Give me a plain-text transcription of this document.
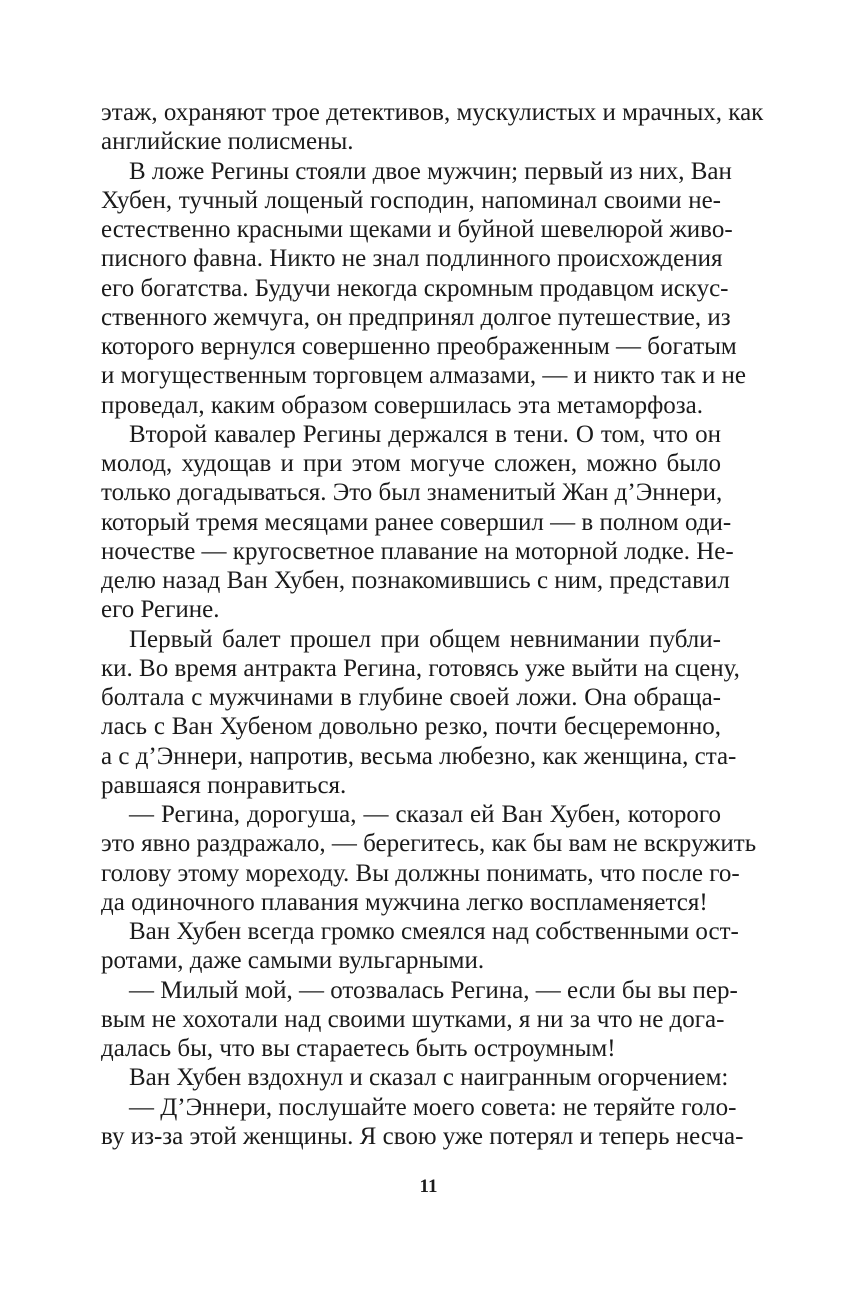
этаж, охраняют трое детективов, мускулистых и мрачных, как
английские полисмены.
В ложе Регины стояли двое мужчин; первый из них, Ван
Хубен, тучный лощеный господин, напоминал своими не-
естественно красными щеками и буйной шевелюрой живо-
писного фавна. Никто не знал подлинного происхождения
его богатства. Будучи некогда скромным продавцом искус-
ственного жемчуга, он предпринял долгое путешествие, из
которого вернулся совершенно преображенным — богатым
и могущественным торговцем алмазами, — и никто так и не
проведал, каким образом совершилась эта метаморфоза.
Второй кавалер Регины держался в тени. О том, что он
молод, худощав и при этом могуче сложен, можно было
только догадываться. Это был знаменитый Жан д’Эннери,
который тремя месяцами ранее совершил — в полном оди-
ночестве — кругосветное плавание на моторной лодке. Не-
делю назад Ван Хубен, познакомившись с ним, представил
его Регине.
Первый балет прошел при общем невнимании публи-
ки. Во время антракта Регина, готовясь уже выйти на сцену,
болтала с мужчинами в глубине своей ложи. Она обраща-
лась с Ван Хубеном довольно резко, почти бесцеремонно,
а с д’Эннери, напротив, весьма любезно, как женщина, ста-
равшаяся понравиться.
— Регина, дорогуша, — сказал ей Ван Хубен, которого
это явно раздражало, — берегитесь, как бы вам не вскружить
голову этому мореходу. Вы должны понимать, что после го-
да одиночного плавания мужчина легко воспламеняется!
Ван Хубен всегда громко смеялся над собственными ост-
ротами, даже самыми вульгарными.
— Милый мой, — отозвалась Регина, — если бы вы пер-
вым не хохотали над своими шутками, я ни за что не дога-
далась бы, что вы стараетесь быть остроумным!
Ван Хубен вздохнул и сказал с наигранным огорчением:
— Д’Эннери, послушайте моего совета: не теряйте голо-
ву из-за этой женщины. Я свою уже потерял и теперь несча-
11
